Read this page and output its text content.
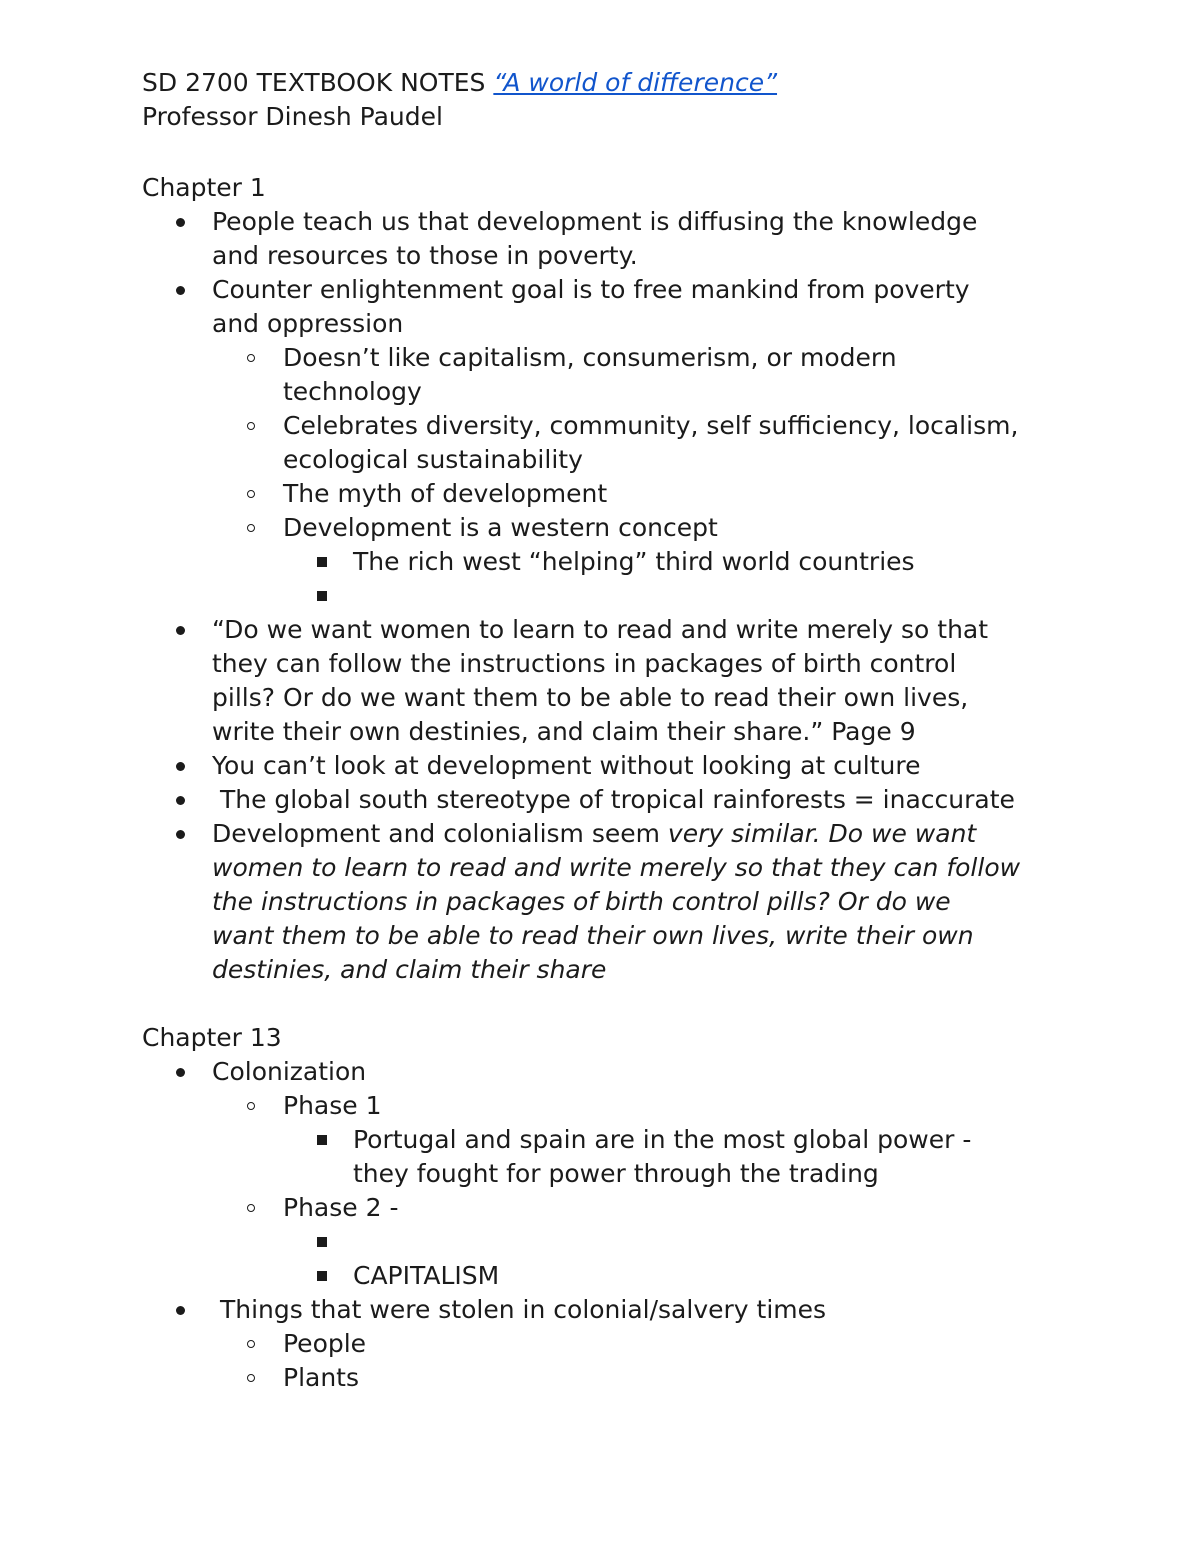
SD 2700 TEXTBOOK NOTES “A world of difference”
Professor Dinesh Paudel
Chapter 1
People teach us that development is diffusing the knowledge
and resources to those in poverty.
Counter enlightenment goal is to free mankind from poverty
and oppression
Doesn’t like capitalism, consumerism, or modern
technology
Celebrates diversity, community, self sufficiency, localism,
ecological sustainability
The myth of development
Development is a western concept
The rich west “helping” third world countries
“Do we want women to learn to read and write merely so that
they can follow the instructions in packages of birth control
pills? Or do we want them to be able to read their own lives,
write their own destinies, and claim their share.” Page 9
You can’t look at development without looking at culture
The global south stereotype of tropical rainforests = inaccurate
Development and colonialism seem very similar. Do we want
women to learn to read and write merely so that they can follow
the instructions in packages of birth control pills? Or do we
want them to be able to read their own lives, write their own
destinies, and claim their share
Chapter 13
Colonization
Phase 1
Portugal and spain are in the most global power -
they fought for power through the trading
Phase 2 -
CAPITALISM
Things that were stolen in colonial/salvery times
People
Plants
